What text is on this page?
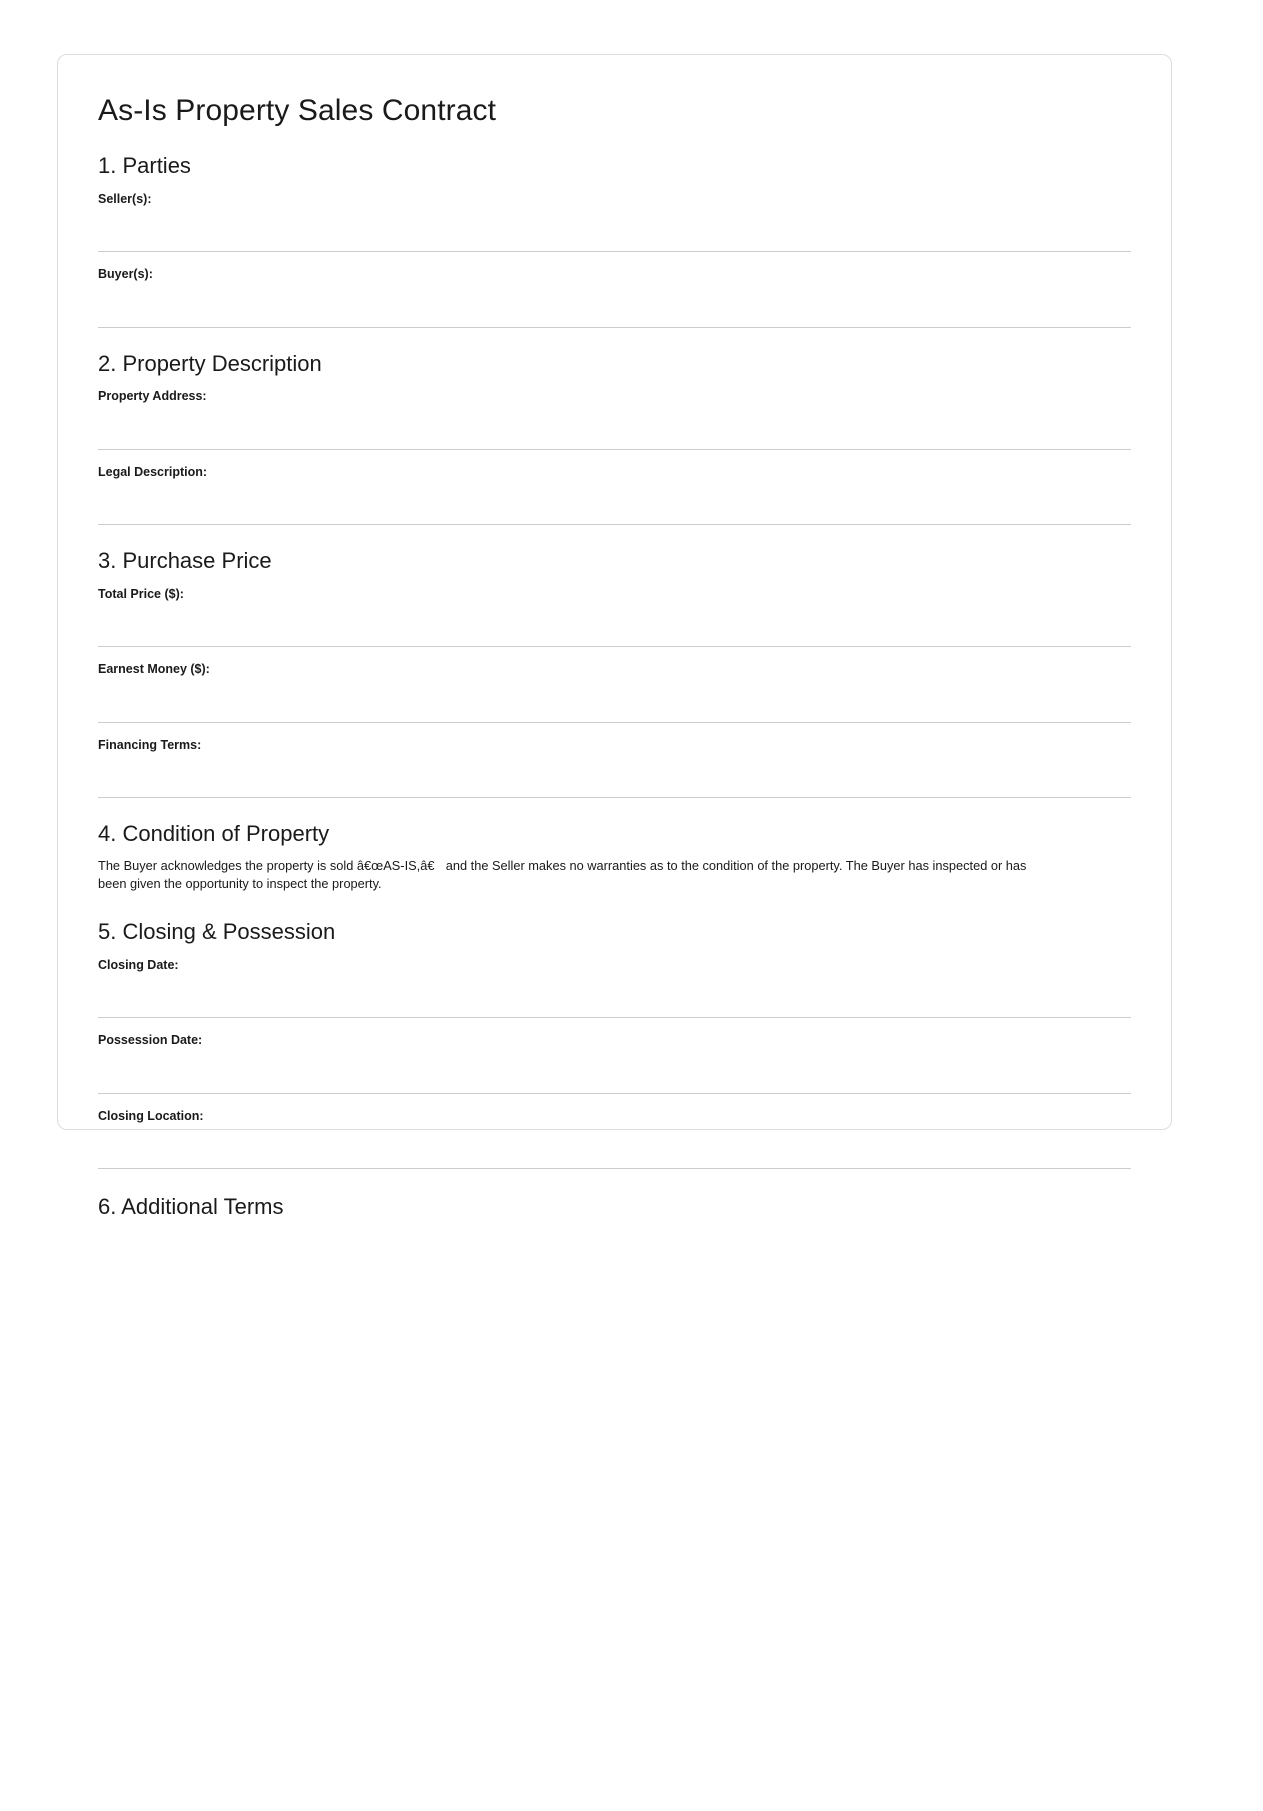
As-Is Property Sales Contract
1. Parties
Seller(s):
Buyer(s):
2. Property Description
Property Address:
Legal Description:
3. Purchase Price
Total Price ($):
Earnest Money ($):
Financing Terms:
4. Condition of Property

The Buyer acknowledges the property is sold â€œAS-IS,â€ and the Seller makes no warranties as to the condition of the property. The Buyer has inspected or has been given the opportunity to inspect the property.

5. Closing & Possession
Closing Date:
Possession Date:
Closing Location:
6. Additional Terms
